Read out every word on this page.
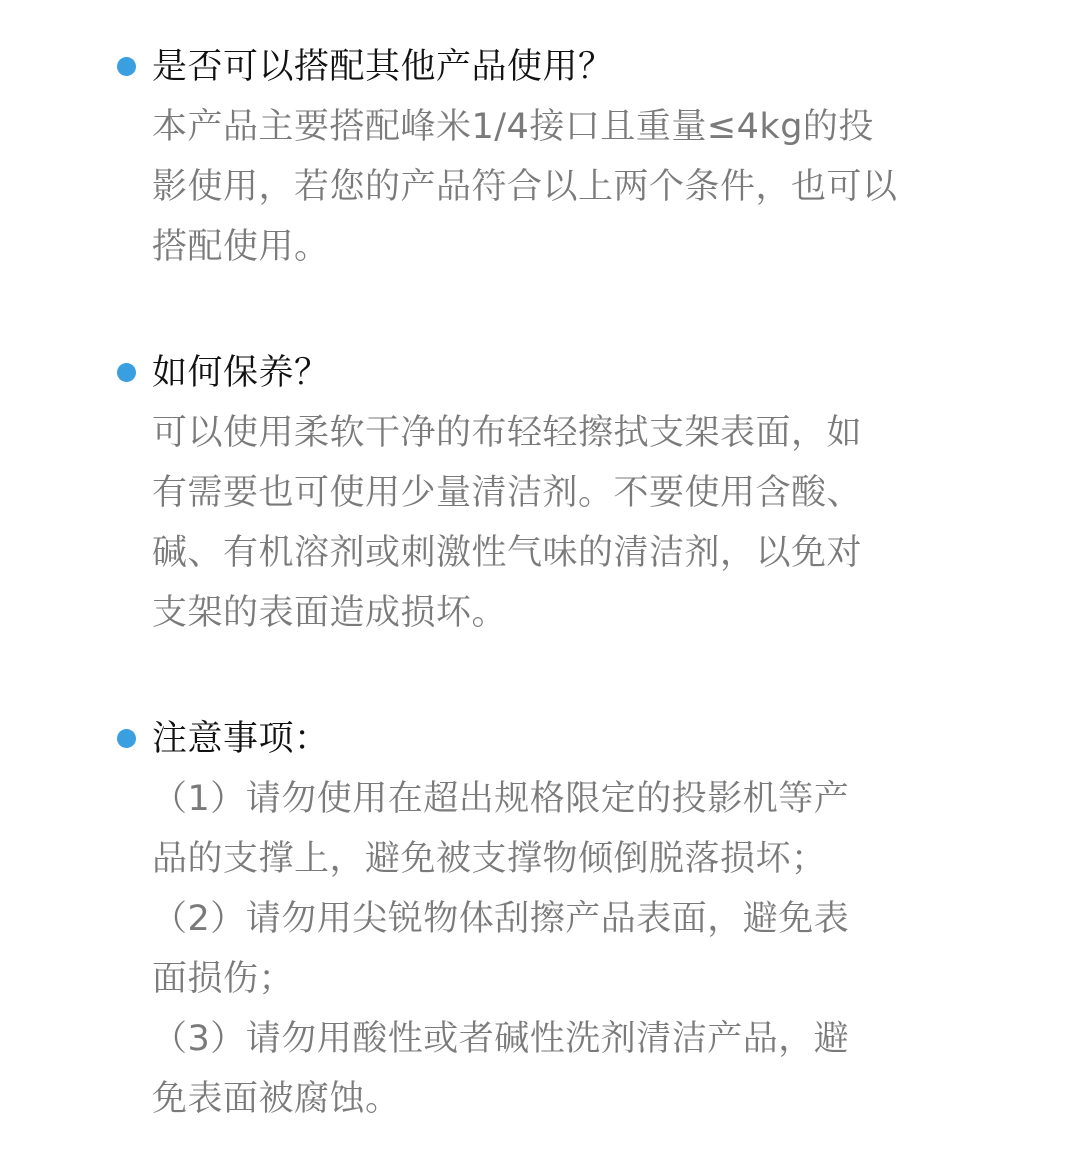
是否可以搭配其他产品使用？
本产品主要搭配峰米1/4接口且重量≤4kg的投
影使用，若您的产品符合以上两个条件，也可以
搭配使用。
如何保养？
可以使用柔软干净的布轻轻擦拭支架表面，如
有需要也可使用少量清洁剂。不要使用含酸、
碱、有机溶剂或刺激性气味的清洁剂，以免对
支架的表面造成损坏。
注意事项：
（1）请勿使用在超出规格限定的投影机等产
品的支撑上，避免被支撑物倾倒脱落损坏；
（2）请勿用尖锐物体刮擦产品表面，避免表
面损伤；
（3）请勿用酸性或者碱性洗剂清洁产品，避
免表面被腐蚀。
